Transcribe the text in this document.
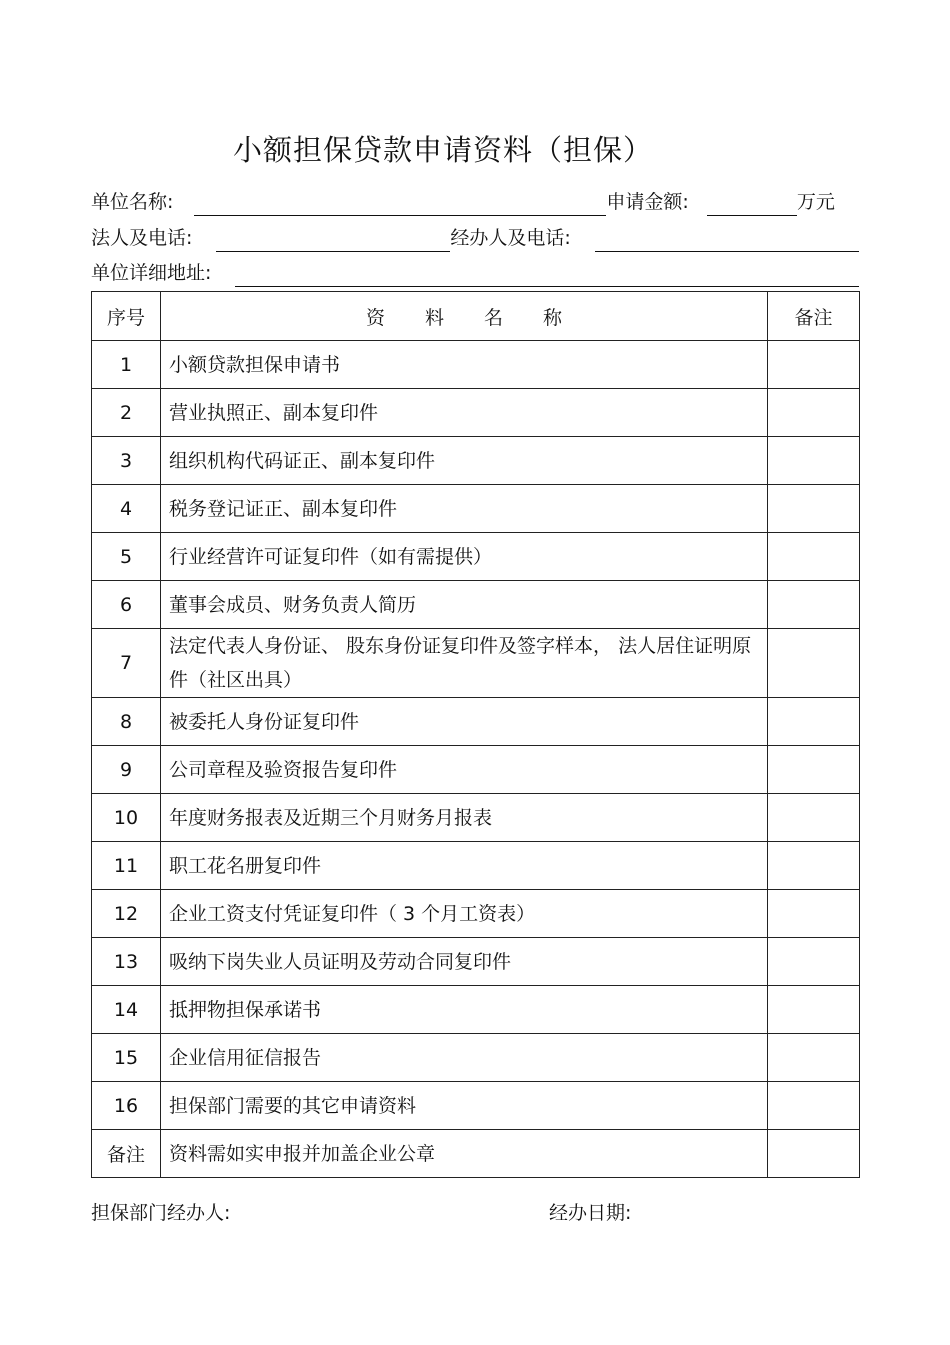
小额担保贷款申请资料（担保）
单位名称:	申请金额:	万元
法人及电话:	经办人及电话:
单位详细地址:
序号	资料名称	备注
1	小额贷款担保申请书	
2	营业执照正、副本复印件	
3	组织机构代码证正、副本复印件	
4	税务登记证正、副本复印件	
5	行业经营许可证复印件（如有需提供）	
6	董事会成员、财务负责人简历	
7	法定代表人身份证、 股东身份证复印件及签字样本， 法人居住证明原件（社区出具）	
8	被委托人身份证复印件	
9	公司章程及验资报告复印件	
10	年度财务报表及近期三个月财务月报表	
11	职工花名册复印件	
12	企业工资支付凭证复印件（ 3 个月工资表）	
13	吸纳下岗失业人员证明及劳动合同复印件	
14	抵押物担保承诺书	
15	企业信用征信报告	
16	担保部门需要的其它申请资料	
备注	资料需如实申报并加盖企业公章	
担保部门经办人:	经办日期:
